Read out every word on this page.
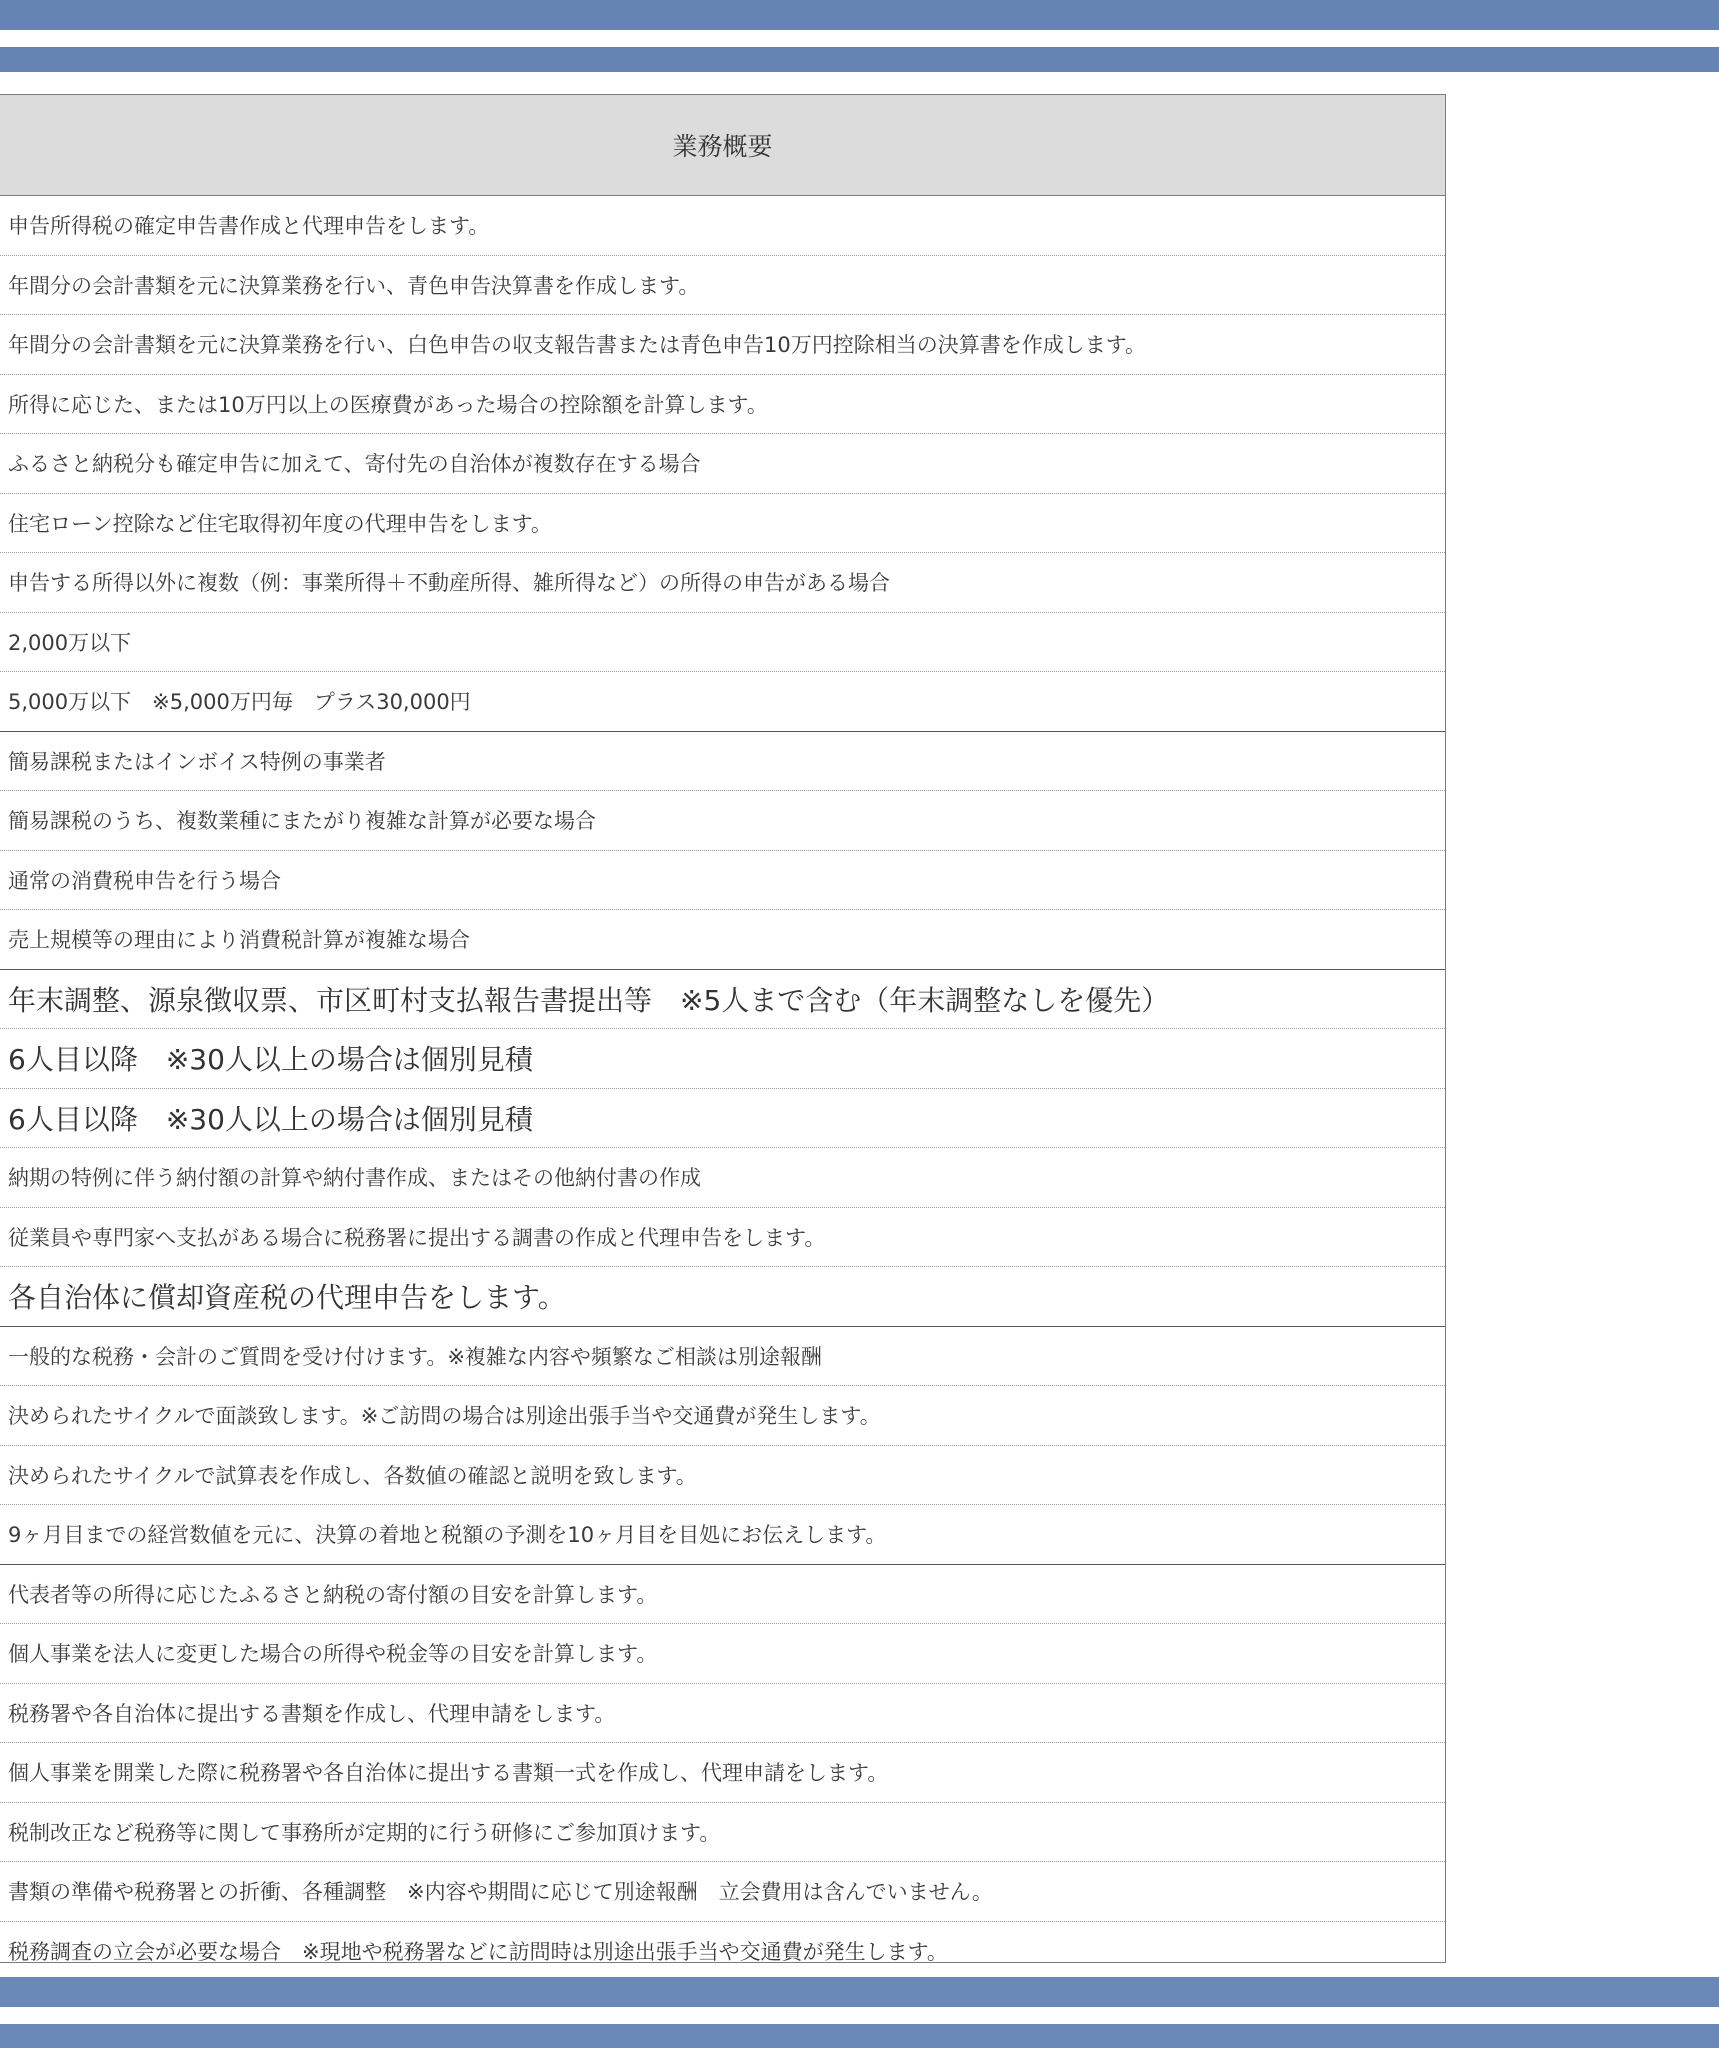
業務概要
申告所得税の確定申告書作成と代理申告をします。
年間分の会計書類を元に決算業務を行い、青色申告決算書を作成します。
年間分の会計書類を元に決算業務を行い、白色申告の収支報告書または青色申告10万円控除相当の決算書を作成します。
所得に応じた、または10万円以上の医療費があった場合の控除額を計算します。
ふるさと納税分も確定申告に加えて、寄付先の自治体が複数存在する場合
住宅ローン控除など住宅取得初年度の代理申告をします。
申告する所得以外に複数（例：事業所得＋不動産所得、雑所得など）の所得の申告がある場合
2,000万以下
5,000万以下　※5,000万円毎　プラス30,000円
簡易課税またはインボイス特例の事業者
簡易課税のうち、複数業種にまたがり複雑な計算が必要な場合
通常の消費税申告を行う場合
売上規模等の理由により消費税計算が複雑な場合
年末調整、源泉徴収票、市区町村支払報告書提出等　※5人まで含む（年末調整なしを優先）
6人目以降　※30人以上の場合は個別見積
6人目以降　※30人以上の場合は個別見積
納期の特例に伴う納付額の計算や納付書作成、またはその他納付書の作成
従業員や専門家へ支払がある場合に税務署に提出する調書の作成と代理申告をします。
各自治体に償却資産税の代理申告をします。
一般的な税務・会計のご質問を受け付けます。※複雑な内容や頻繁なご相談は別途報酬
決められたサイクルで面談致します。※ご訪問の場合は別途出張手当や交通費が発生します。
決められたサイクルで試算表を作成し、各数値の確認と説明を致します。
9ヶ月目までの経営数値を元に、決算の着地と税額の予測を10ヶ月目を目処にお伝えします。
代表者等の所得に応じたふるさと納税の寄付額の目安を計算します。
個人事業を法人に変更した場合の所得や税金等の目安を計算します。
税務署や各自治体に提出する書類を作成し、代理申請をします。
個人事業を開業した際に税務署や各自治体に提出する書類一式を作成し、代理申請をします。
税制改正など税務等に関して事務所が定期的に行う研修にご参加頂けます。
書類の準備や税務署との折衝、各種調整　※内容や期間に応じて別途報酬　立会費用は含んでいません。
税務調査の立会が必要な場合　※現地や税務署などに訪問時は別途出張手当や交通費が発生します。
